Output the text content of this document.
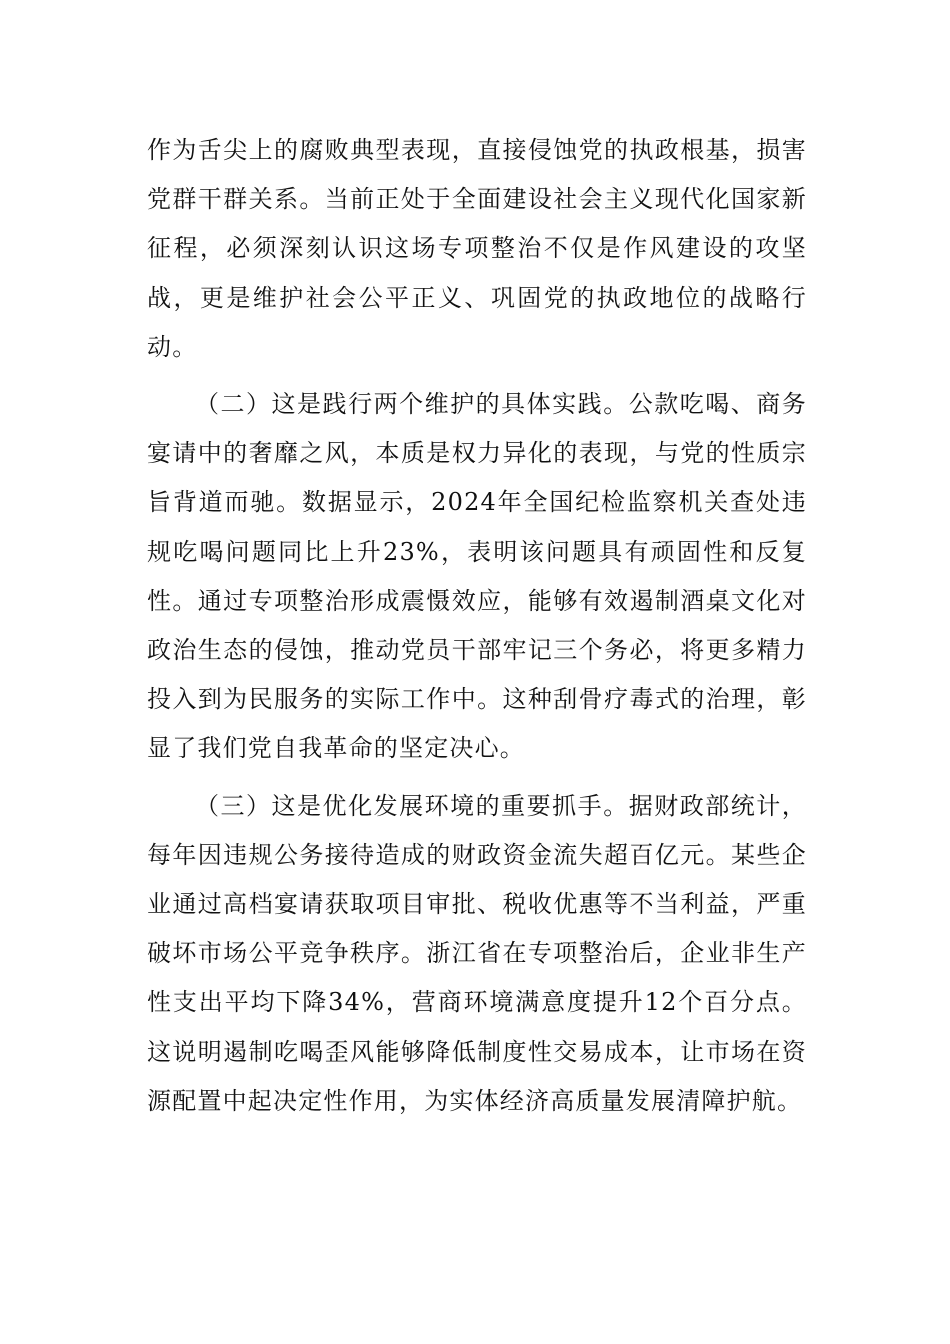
作为舌尖上的腐败典型表现，直接侵蚀党的执政根基，损害党群干群关系。当前正处于全面建设社会主义现代化国家新征程，必须深刻认识这场专项整治不仅是作风建设的攻坚战，更是维护社会公平正义、巩固党的执政地位的战略行动。

（二）这是践行两个维护的具体实践。公款吃喝、商务宴请中的奢靡之风，本质是权力异化的表现，与党的性质宗旨背道而驰。数据显示，2024年全国纪检监察机关查处违规吃喝问题同比上升23%，表明该问题具有顽固性和反复性。通过专项整治形成震慑效应，能够有效遏制酒桌文化对政治生态的侵蚀，推动党员干部牢记三个务必，将更多精力投入到为民服务的实际工作中。这种刮骨疗毒式的治理，彰显了我们党自我革命的坚定决心。

（三）这是优化发展环境的重要抓手。据财政部统计，每年因违规公务接待造成的财政资金流失超百亿元。某些企业通过高档宴请获取项目审批、税收优惠等不当利益，严重破坏市场公平竞争秩序。浙江省在专项整治后，企业非生产性支出平均下降34%，营商环境满意度提升12个百分点。这说明遏制吃喝歪风能够降低制度性交易成本，让市场在资源配置中起决定性作用，为实体经济高质量发展清障护航。
